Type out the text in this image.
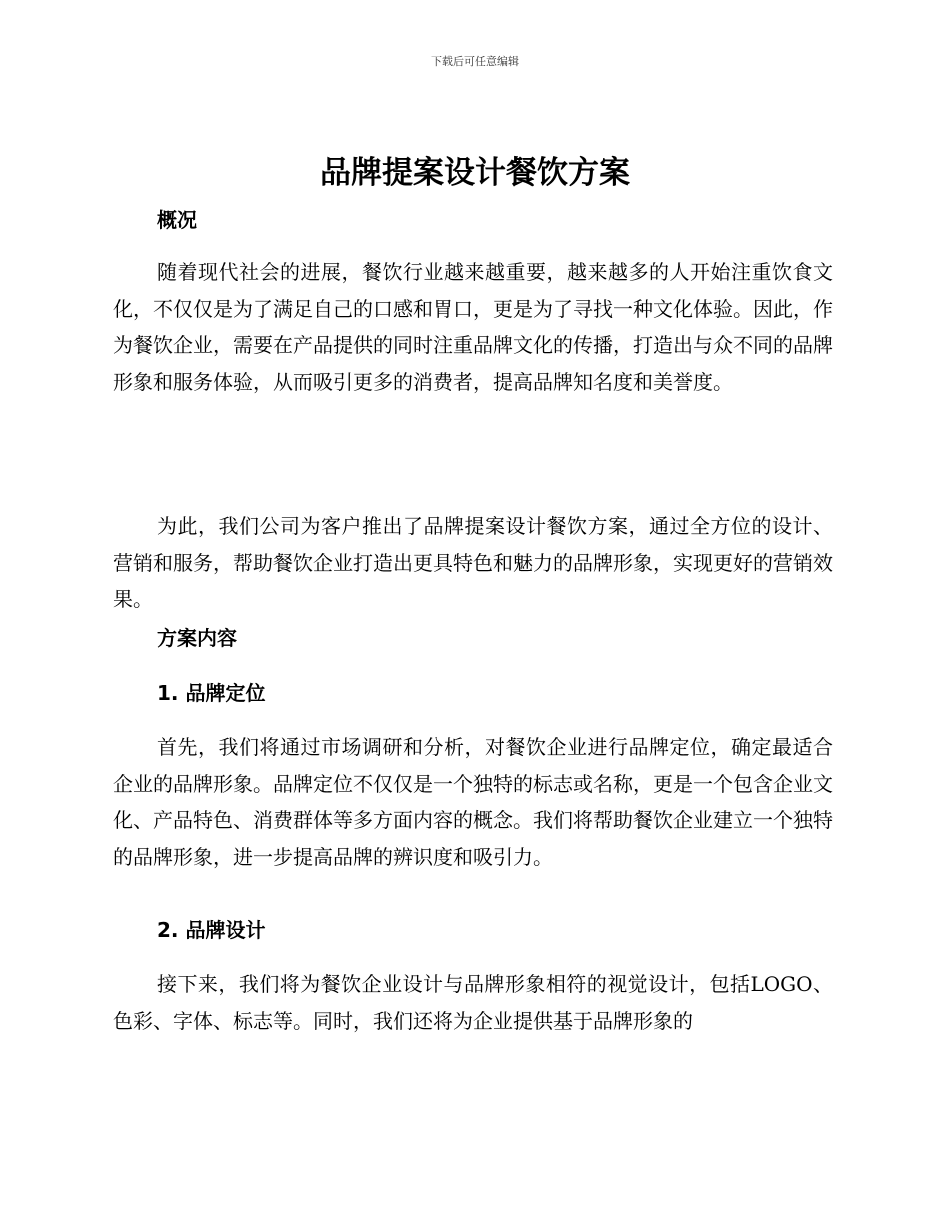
下载后可任意编辑
品牌提案设计餐饮方案
概况

随着现代社会的进展，餐饮行业越来越重要，越来越多的人开始注重饮食文化，不仅仅是为了满足自己的口感和胃口，更是为了寻找一种文化体验。因此，作为餐饮企业，需要在产品提供的同时注重品牌文化的传播，打造出与众不同的品牌形象和服务体验，从而吸引更多的消费者，提高品牌知名度和美誉度。

为此，我们公司为客户推出了品牌提案设计餐饮方案，通过全方位的设计、营销和服务，帮助餐饮企业打造出更具特色和魅力的品牌形象，实现更好的营销效果。

方案内容
1. 品牌定位

首先，我们将通过市场调研和分析，对餐饮企业进行品牌定位，确定最适合企业的品牌形象。品牌定位不仅仅是一个独特的标志或名称，更是一个包含企业文化、产品特色、消费群体等多方面内容的概念。我们将帮助餐饮企业建立一个独特的品牌形象，进一步提高品牌的辨识度和吸引力。

2. 品牌设计

接下来，我们将为餐饮企业设计与品牌形象相符的视觉设计，包括LOGO、色彩、字体、标志等。同时，我们还将为企业提供基于品牌形象的
